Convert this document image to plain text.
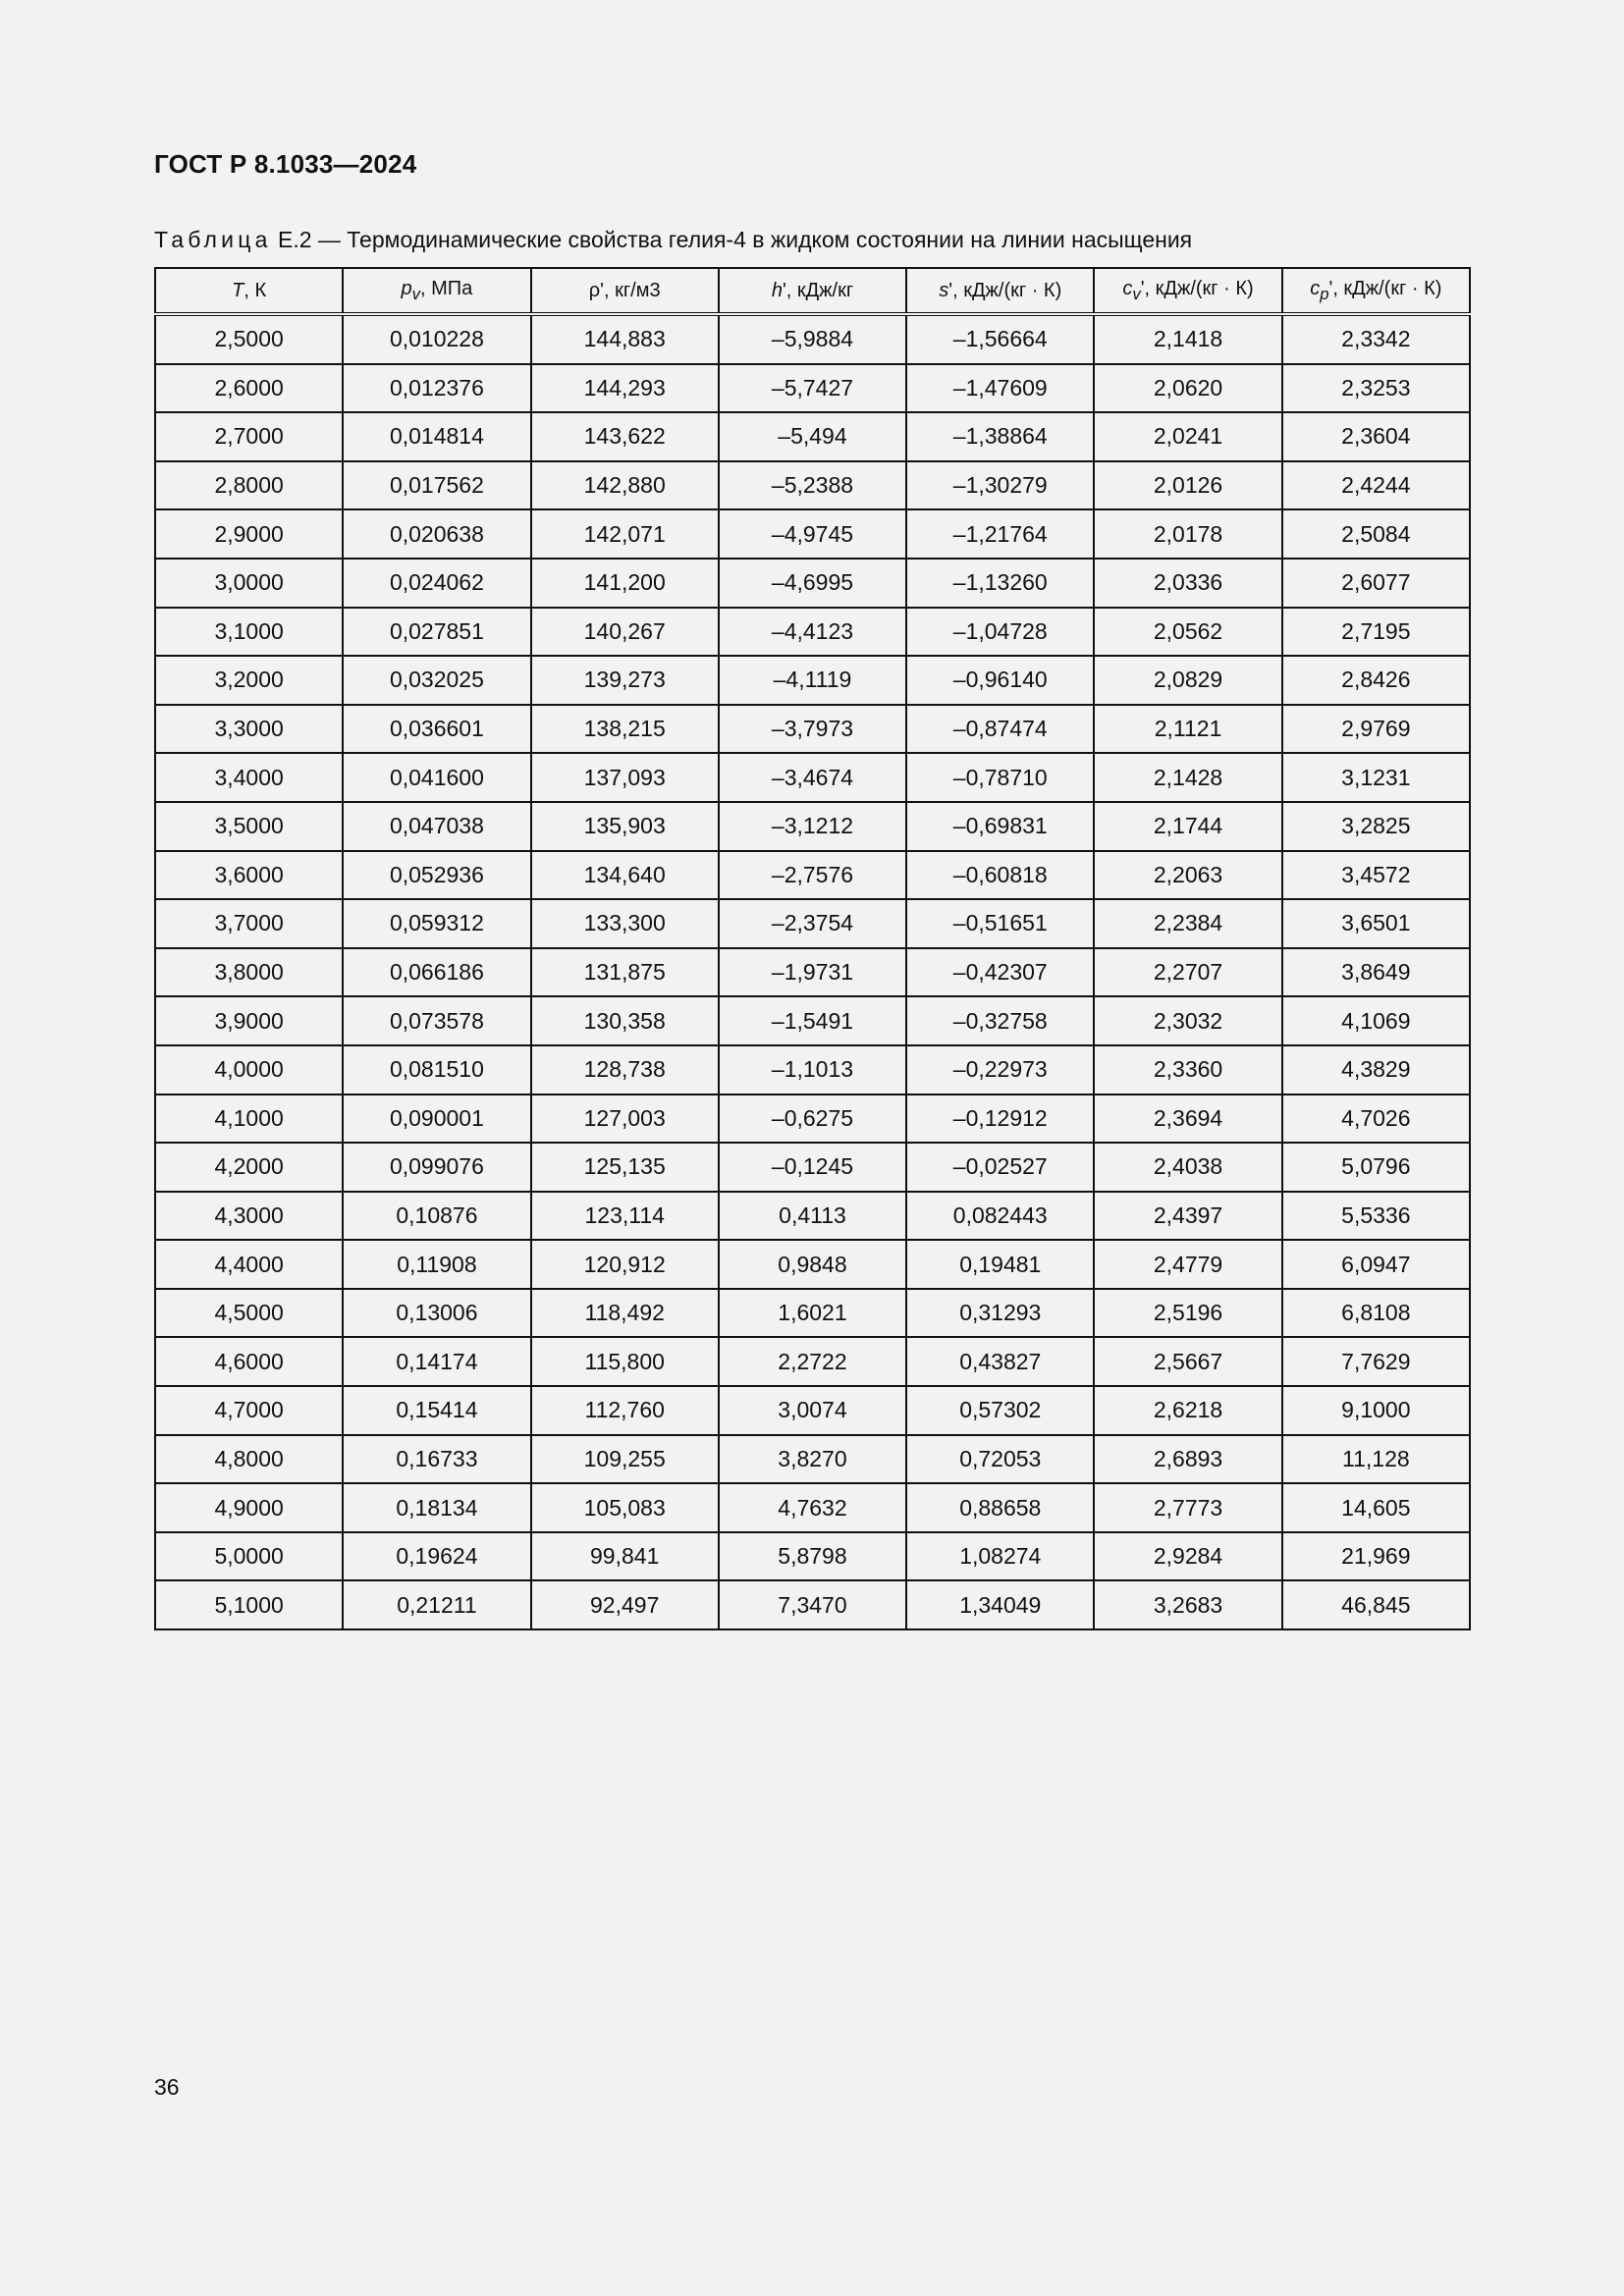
ГОСТ Р 8.1033—2024
Таблица Е.2 — Термодинамические свойства гелия-4 в жидком состоянии на линии насыщения
T, К	$p_v$, МПа	ρ', кг/м3	h', кДж/кг	s', кДж/(кг · К)	$c_v'$, кДж/(кг · К)	$c_p'$, кДж/(кг · К)
2,5000	0,010228	144,883	–5,9884	–1,56664	2,1418	2,3342
2,6000	0,012376	144,293	–5,7427	–1,47609	2,0620	2,3253
2,7000	0,014814	143,622	–5,494	–1,38864	2,0241	2,3604
2,8000	0,017562	142,880	–5,2388	–1,30279	2,0126	2,4244
2,9000	0,020638	142,071	–4,9745	–1,21764	2,0178	2,5084
3,0000	0,024062	141,200	–4,6995	–1,13260	2,0336	2,6077
3,1000	0,027851	140,267	–4,4123	–1,04728	2,0562	2,7195
3,2000	0,032025	139,273	–4,1119	–0,96140	2,0829	2,8426
3,3000	0,036601	138,215	–3,7973	–0,87474	2,1121	2,9769
3,4000	0,041600	137,093	–3,4674	–0,78710	2,1428	3,1231
3,5000	0,047038	135,903	–3,1212	–0,69831	2,1744	3,2825
3,6000	0,052936	134,640	–2,7576	–0,60818	2,2063	3,4572
3,7000	0,059312	133,300	–2,3754	–0,51651	2,2384	3,6501
3,8000	0,066186	131,875	–1,9731	–0,42307	2,2707	3,8649
3,9000	0,073578	130,358	–1,5491	–0,32758	2,3032	4,1069
4,0000	0,081510	128,738	–1,1013	–0,22973	2,3360	4,3829
4,1000	0,090001	127,003	–0,6275	–0,12912	2,3694	4,7026
4,2000	0,099076	125,135	–0,1245	–0,02527	2,4038	5,0796
4,3000	0,10876	123,114	0,4113	0,082443	2,4397	5,5336
4,4000	0,11908	120,912	0,9848	0,19481	2,4779	6,0947
4,5000	0,13006	118,492	1,6021	0,31293	2,5196	6,8108
4,6000	0,14174	115,800	2,2722	0,43827	2,5667	7,7629
4,7000	0,15414	112,760	3,0074	0,57302	2,6218	9,1000
4,8000	0,16733	109,255	3,8270	0,72053	2,6893	11,128
4,9000	0,18134	105,083	4,7632	0,88658	2,7773	14,605
5,0000	0,19624	99,841	5,8798	1,08274	2,9284	21,969
5,1000	0,21211	92,497	7,3470	1,34049	3,2683	46,845
36
